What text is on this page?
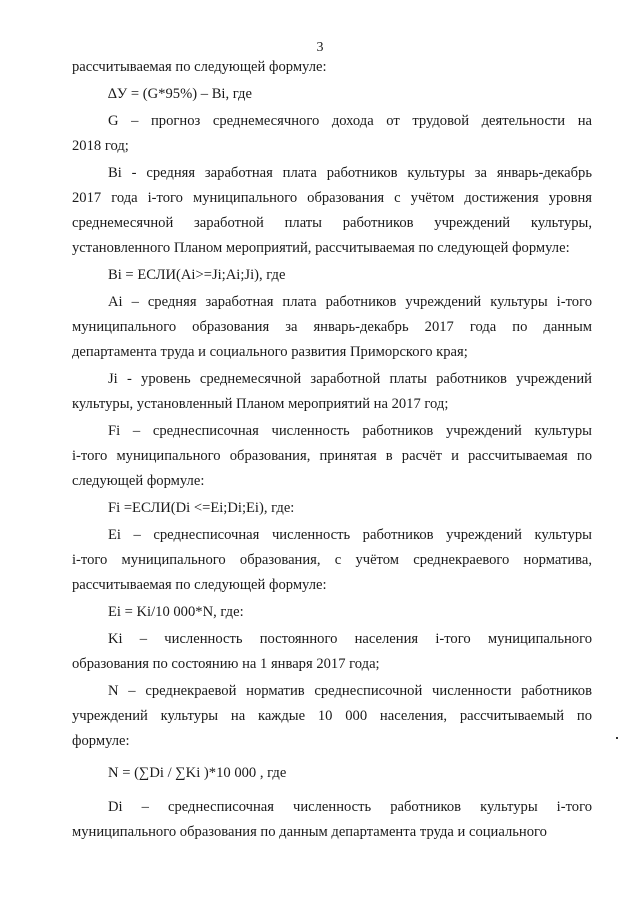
3
рассчитываемая по следующей формуле:
∆У = (G*95%) – Bi, где
G – прогноз среднемесячного дохода от трудовой деятельности на
2018 год;
Bi - средняя заработная плата работников культуры за январь-декабрь
2017 года i-того муниципального образования с учётом достижения уровня
среднемесячной заработной платы работников учреждений культуры,
установленного Планом мероприятий, рассчитываемая по следующей формуле:
Bi = ЕСЛИ(Ai>=Ji;Ai;Ji), где
Ai – средняя заработная плата работников учреждений культуры i-того
муниципального образования за январь-декабрь 2017 года по данным
департамента труда и социального развития Приморского края;
Ji - уровень среднемесячной заработной платы работников учреждений
культуры, установленный Планом мероприятий на 2017 год;
Fi – среднесписочная численность работников учреждений культуры
i-того муниципального образования, принятая в расчёт и рассчитываемая по
следующей формуле:
Fi =ЕСЛИ(Di <=Ei;Di;Ei), где:
Ei – среднесписочная численность работников учреждений культуры
i-того муниципального образования, с учётом среднекраевого норматива,
рассчитываемая по следующей формуле:
Ei = Ki/10 000*N, где:
Ki – численность постоянного населения i-того муниципального
образования по состоянию на 1 января 2017 года;
N – среднекраевой норматив среднесписочной численности работников
учреждений культуры на каждые 10 000 населения, рассчитываемый по
формуле:
N = (∑Di / ∑Ki )*10 000 , где
Di – среднесписочная численность работников культуры i-того
муниципального образования по данным департамента труда и социального
